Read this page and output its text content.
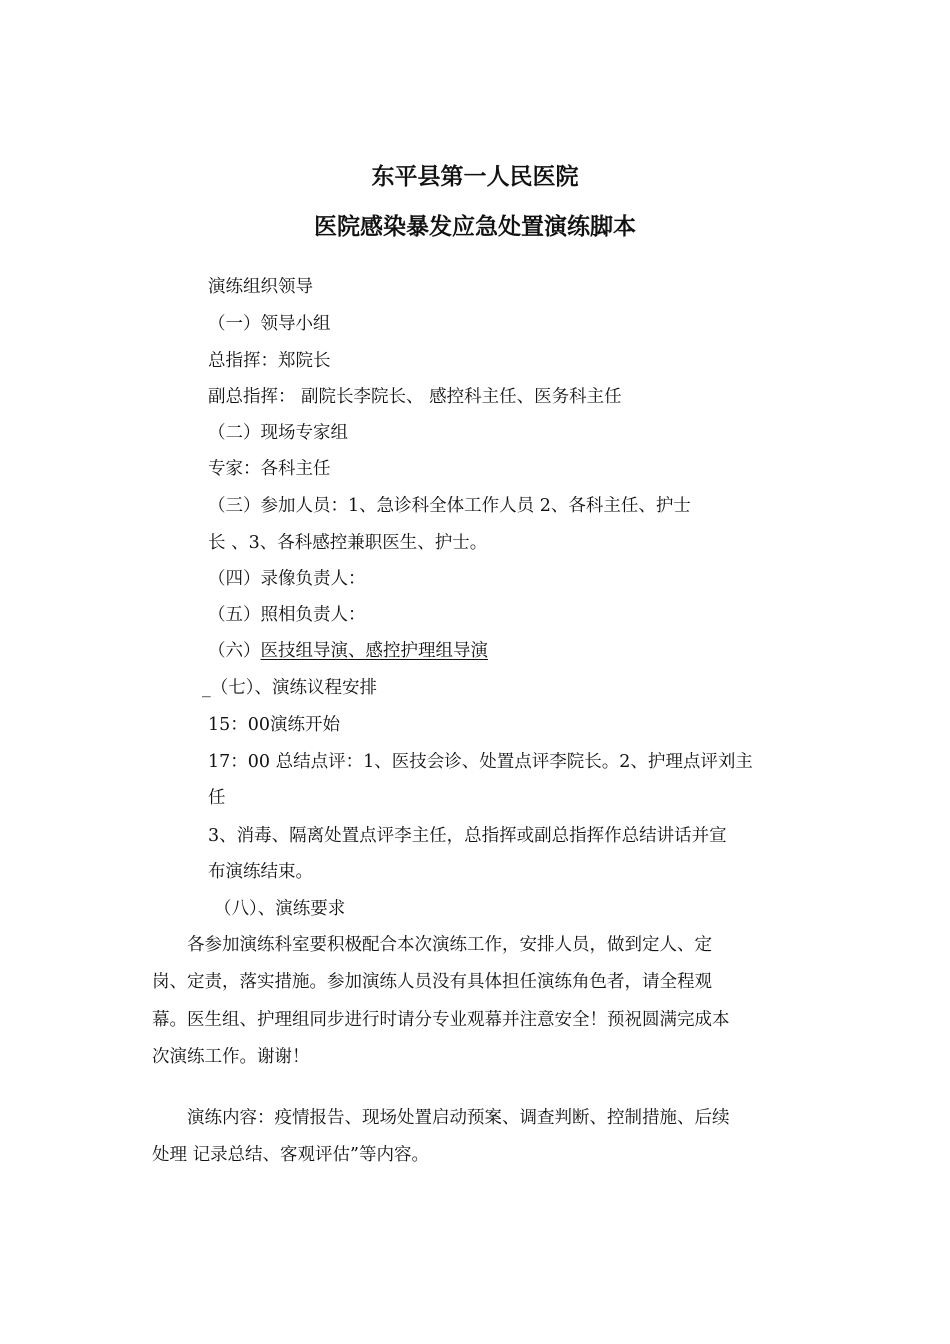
东平县第一人民医院
医院感染暴发应急处置演练脚本

演练组织领导

（一）领导小组

总指挥：郑院长

副总指挥： 副院长李院长、 感控科主任、医务科主任

（二）现场专家组

专家：各科主任

（三）参加人员：1、急诊科全体工作人员 2、各科主任、护士

长 、3、各科感控兼职医生、护士。

（四）录像负责人：

（五）照相负责人：

（六）医技组导演、感控护理组导演

_（七）、演练议程安排

15：00演练开始

17：00 总结点评：1、医技会诊、处置点评李院长。2、护理点评刘主

任

3、消毒、隔离处置点评李主任，总指挥或副总指挥作总结讲话并宣

布演练结束。

（八）、演练要求

各参加演练科室要积极配合本次演练工作，安排人员，做到定人、定

岗、定责，落实措施。参加演练人员没有具体担任演练角色者，请全程观

幕。医生组、护理组同步进行时请分专业观幕并注意安全！预祝圆满完成本

次演练工作。谢谢！

演练内容：疫情报告、现场处置启动预案、调查判断、控制措施、后续

处理 记录总结、客观评估”等内容。
